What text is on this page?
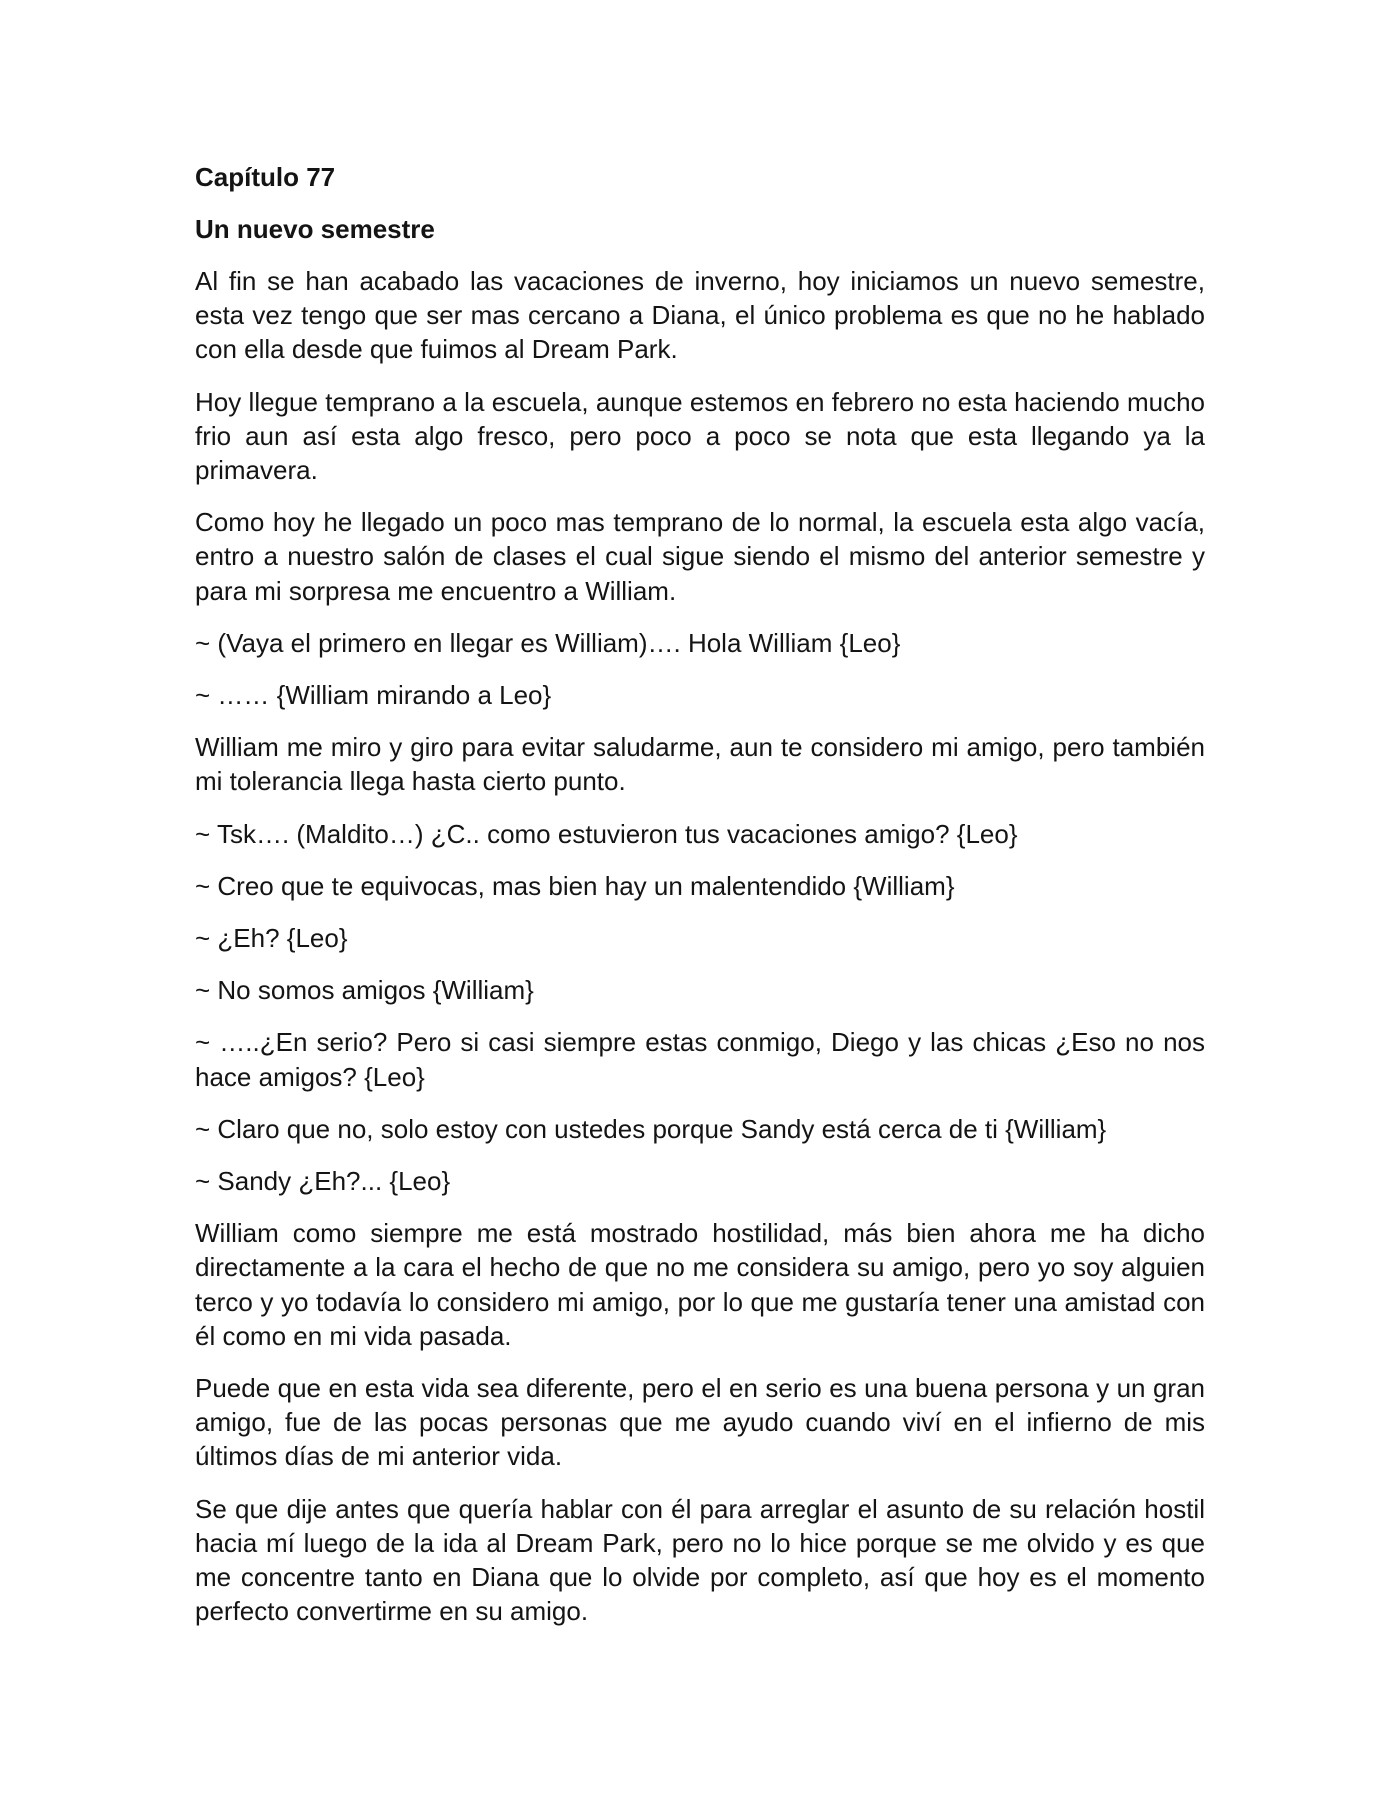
Capítulo 77

Un nuevo semestre

Al fin se han acabado las vacaciones de inverno, hoy iniciamos un nuevo semestre, esta vez tengo que ser mas cercano a Diana, el único problema es que no he hablado con ella desde que fuimos al Dream Park.

Hoy llegue temprano a la escuela, aunque estemos en febrero no esta haciendo mucho frio aun así esta algo fresco, pero poco a poco se nota que esta llegando ya la primavera.

Como hoy he llegado un poco mas temprano de lo normal, la escuela esta algo vacía, entro a nuestro salón de clases el cual sigue siendo el mismo del anterior semestre y para mi sorpresa me encuentro a William.

~ (Vaya el primero en llegar es William)…. Hola William {Leo}

~ …… {William mirando a Leo}

William me miro y giro para evitar saludarme, aun te considero mi amigo, pero también mi tolerancia llega hasta cierto punto.

~ Tsk…. (Maldito…) ¿C.. como estuvieron tus vacaciones amigo? {Leo}

~ Creo que te equivocas, mas bien hay un malentendido {William}

~ ¿Eh? {Leo}

~ No somos amigos {William}

~ …..¿En serio? Pero si casi siempre estas conmigo, Diego y las chicas ¿Eso no nos hace amigos? {Leo}

~ Claro que no, solo estoy con ustedes porque Sandy está cerca de ti {William}

~ Sandy ¿Eh?... {Leo}

William como siempre me está mostrado hostilidad, más bien ahora me ha dicho directamente a la cara el hecho de que no me considera su amigo, pero yo soy alguien terco y yo todavía lo considero mi amigo, por lo que me gustaría tener una amistad con él como en mi vida pasada.

Puede que en esta vida sea diferente, pero el en serio es una buena persona y un gran amigo, fue de las pocas personas que me ayudo cuando viví en el infierno de mis últimos días de mi anterior vida.

Se que dije antes que quería hablar con él para arreglar el asunto de su relación hostil hacia mí luego de la ida al Dream Park, pero no lo hice porque se me olvido y es que me concentre tanto en Diana que lo olvide por completo, así que hoy es el momento perfecto convertirme en su amigo.
